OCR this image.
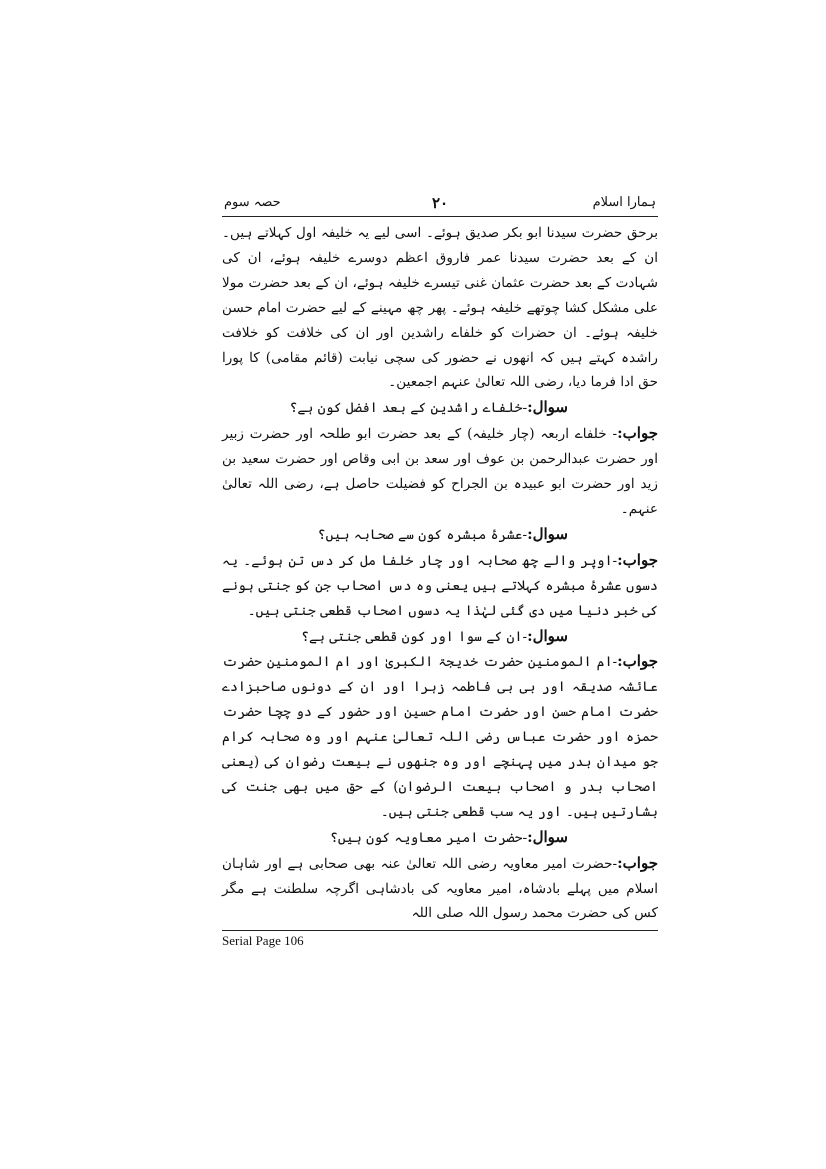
ہمارا اسلام
۲۰
حصہ سوم

برحق حضرت سیدنا ابو بکر صدیق ہوئے۔ اسی لیے یہ خلیفہ اول کہلاتے ہیں۔ ان کے بعد حضرت سیدنا عمر فاروق اعظم دوسرے خلیفہ ہوئے، ان کی شہادت کے بعد حضرت عثمان غنی تیسرے خلیفہ ہوئے، ان کے بعد حضرت مولا علی مشکل کشا چوتھے خلیفہ ہوئے۔ پھر چھ مہینے کے لیے حضرت امام حسن خلیفہ ہوئے۔ ان حضرات کو خلفاے راشدین اور ان کی خلافت کو خلافت راشدہ کہتے ہیں کہ انھوں نے حضور کی سچی نیابت (قائم مقامی) کا پورا حق ادا فرما دیا، رضی اللہ تعالیٰ عنہم اجمعین۔

سوال:-خلفاے راشدین کے بعد افضل کون ہے؟

جواب:- خلفاے اربعہ (چار خلیفہ) کے بعد حضرت ابو طلحہ اور حضرت زبیر اور حضرت عبدالرحمن بن عوف اور سعد بن ابی وقاص اور حضرت سعید بن زید اور حضرت ابو عبیدہ بن الجراح کو فضیلت حاصل ہے، رضی اللہ تعالیٰ عنہم۔

سوال:-عشرۂ مبشرہ کون سے صحابہ ہیں؟

جواب:-اوپر والے چھ صحابہ اور چار خلفا مل کر دس تن ہوئے۔ یہ دسوں عشرۂ مبشرہ کہلاتے ہیں یعنی وہ دس اصحاب جن کو جنتی ہونے کی خبر دنیا میں دی گئی لہٰذا یہ دسوں اصحاب قطعی جنتی ہیں۔

سوال:-ان کے سوا اور کون قطعی جنتی ہے؟

جواب:-ام المومنین حضرت خدیجۃ الکبریٰ اور ام المومنین حضرت عائشہ صدیقہ اور بی بی فاطمہ زہرا اور ان کے دونوں صاحبزادے حضرت امام حسن اور حضرت امام حسین اور حضور کے دو چچا حضرت حمزہ اور حضرت عباس رضی اللہ تعالیٰ عنہم اور وہ صحابہ کرام جو میدان بدر میں پہنچے اور وہ جنھوں نے بیعت رضوان کی (یعنی اصحاب بدر و اصحاب بیعت الرضوان) کے حق میں بھی جنت کی بشارتیں ہیں۔ اور یہ سب قطعی جنتی ہیں۔

سوال:-حضرت امیر معاویہ کون ہیں؟

جواب:-حضرت امیر معاویہ رضی اللہ تعالیٰ عنہ بھی صحابی ہے اور شاہان اسلام میں پہلے بادشاہ، امیر معاویہ کی بادشاہی اگرچہ سلطنت ہے مگر کس کی حضرت محمد رسول اللہ صلی اللہ

Serial Page 106
